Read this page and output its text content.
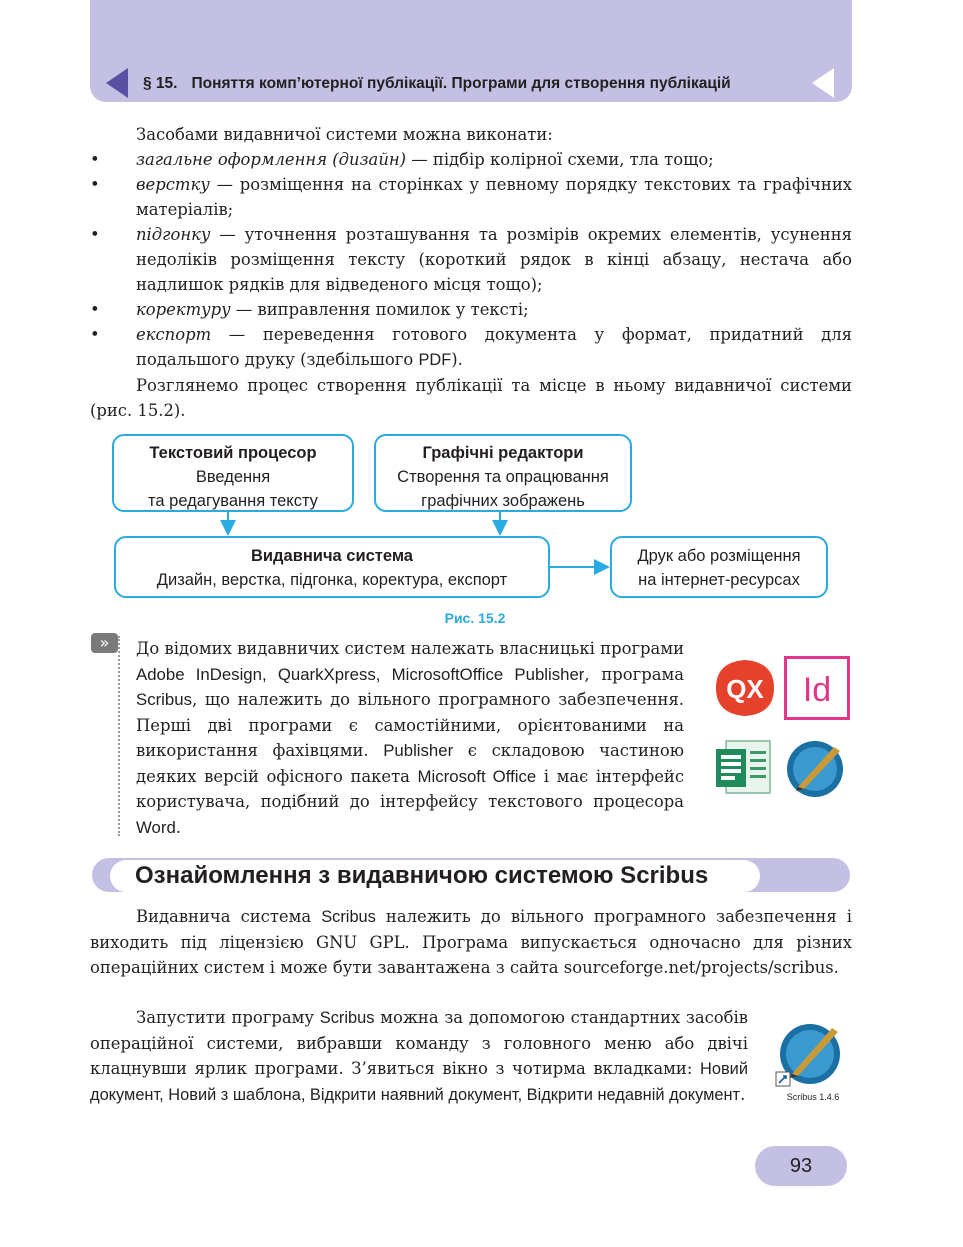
§ 15. Поняття комп’ютерної публікації. Програми для створення публікацій

Засобами видавничої системи можна виконати:

• загальне оформлення (дизайн) — підбір колірної схеми, тла тощо;
• верстку — розміщення на сторінках у певному порядку текстових та графічних матеріалів;
• підгонку — уточнення розташування та розмірів окремих елементів, усунення недоліків розміщення тексту (короткий рядок в кінці абзацу, нестача або надлишок рядків для відведеного місця тощо);
• коректуру — виправлення помилок у тексті;
• експорт — переведення готового документа у формат, придатний для подальшого друку (здебільшого PDF).

Розглянемо процес створення публікації та місце в ньому видавничої системи (рис. 15.2).

Текстовий процесор
Введення
та редагування тексту
Графічні редактори
Створення та опрацювання
графічних зображень
Видавнича система
Дизайн, верстка, підгонка, коректура, експорт
Друк або розміщення
на інтернет-ресурсах
Рис. 15.2
»	До відомих видавничих систем належать власницькі програми Adobe InDesign, QuarkXpress, MicrosoftOffice Publisher, програма Scribus, що належить до вільного програмного забезпечення. Перші дві програми є самостійними, орієнтованими на використання фахівцями. Publisher є складовою частиною деяких версій офісного пакета Microsoft Office і має інтерфейс користувача, подібний до інтерфейсу текстового процесора Word.
QX Id
Ознайомлення з видавничою системою Scribus

Видавнича система Scribus належить до вільного програмного забезпечення і виходить під ліцензією GNU GPL. Програма випускається одночасно для різних операційних систем і може бути завантажена з сайта sourceforge.net/projects/scribus.

Запустити програму Scribus можна за допомогою стандартних засобів операційної системи, вибравши команду з головного меню або двічі клацнувши ярлик програми. З’явиться вікно з чотирма вкладками: Новий документ, Новий з шаблона, Відкрити наявний документ, Відкрити недавній документ.	Scribus 1.4.6
93
